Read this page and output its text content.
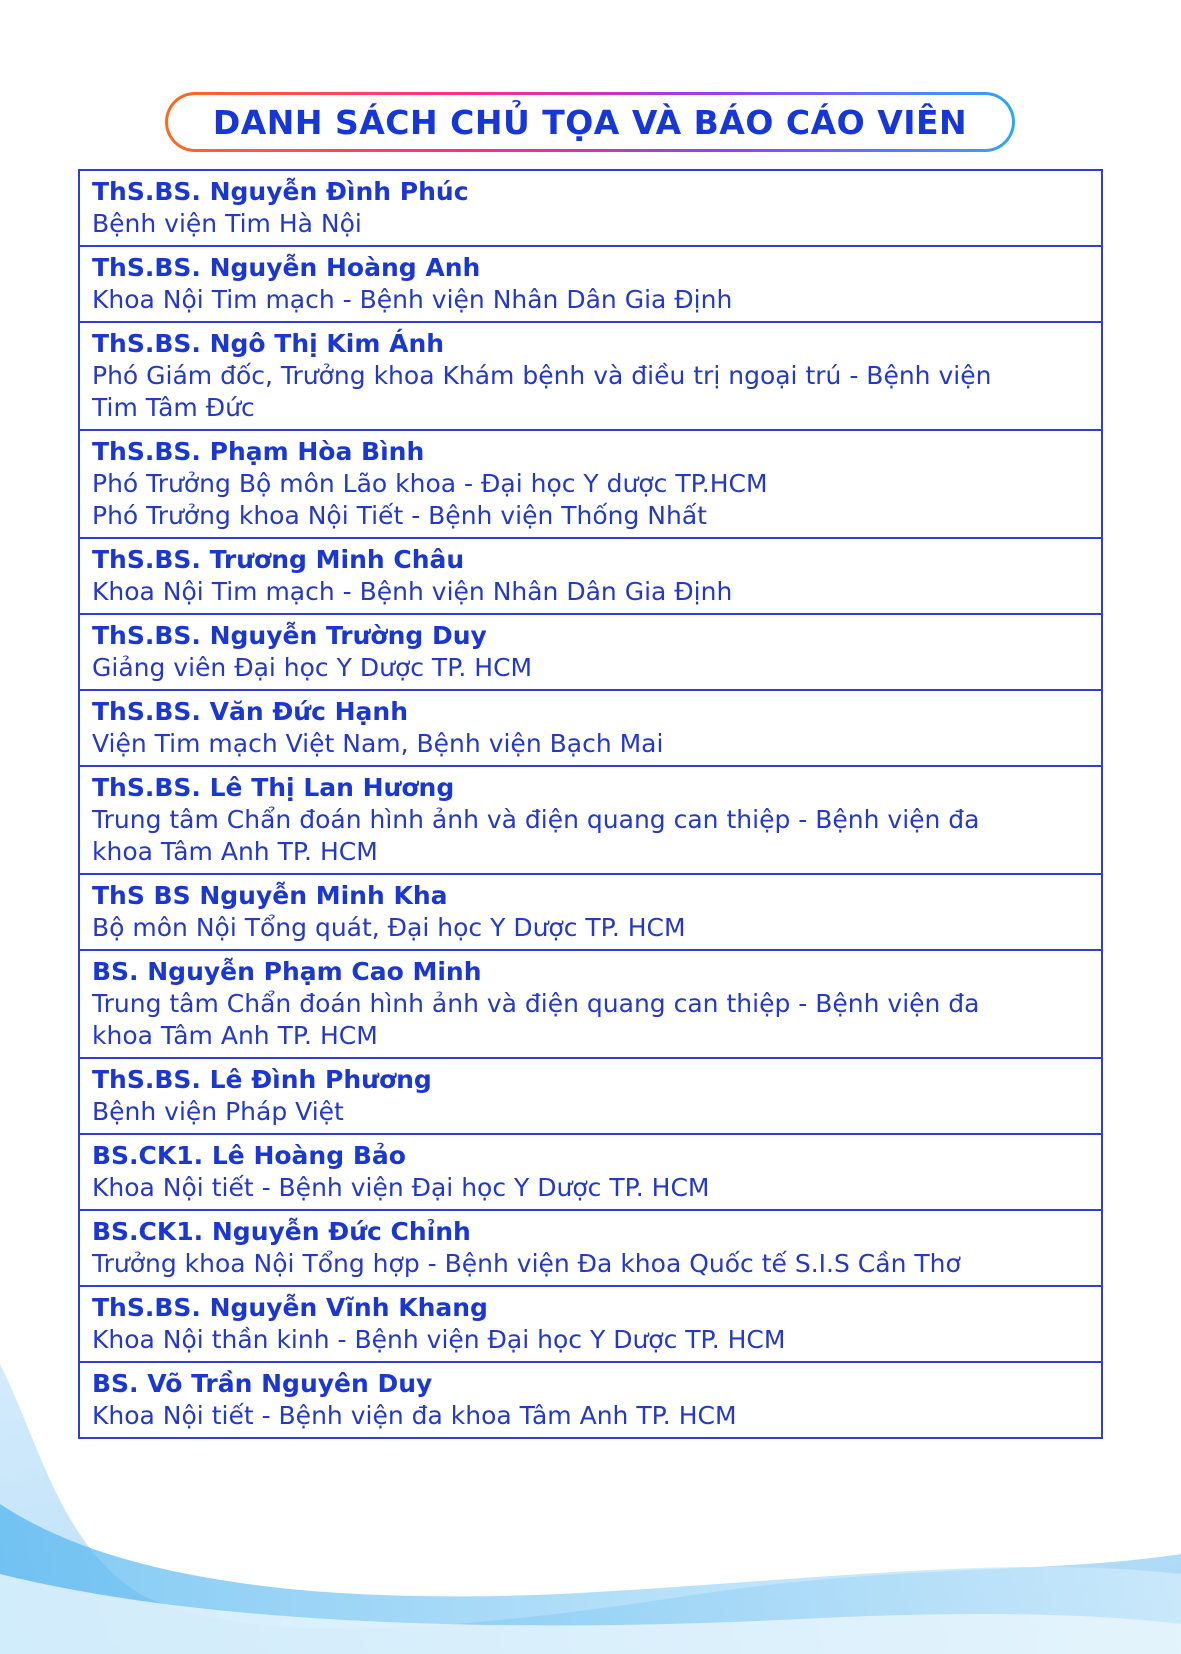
DANH SÁCH CHỦ TỌA VÀ BÁO CÁO VIÊN
ThS.BS. Nguyễn Đình Phúc
Bệnh viện Tim Hà Nội
ThS.BS. Nguyễn Hoàng Anh
Khoa Nội Tim mạch - Bệnh viện Nhân Dân Gia Định
ThS.BS. Ngô Thị Kim Ánh
Phó Giám đốc, Trưởng khoa Khám bệnh và điều trị ngoại trú - Bệnh viện
Tim Tâm Đức
ThS.BS. Phạm Hòa Bình
Phó Trưởng Bộ môn Lão khoa - Đại học Y dược TP.HCM
Phó Trưởng khoa Nội Tiết - Bệnh viện Thống Nhất
ThS.BS. Trương Minh Châu
Khoa Nội Tim mạch - Bệnh viện Nhân Dân Gia Định
ThS.BS. Nguyễn Trường Duy
Giảng viên Đại học Y Dược TP. HCM
ThS.BS. Văn Đức Hạnh
Viện Tim mạch Việt Nam, Bệnh viện Bạch Mai
ThS.BS. Lê Thị Lan Hương
Trung tâm Chẩn đoán hình ảnh và điện quang can thiệp - Bệnh viện đa
khoa Tâm Anh TP. HCM
ThS BS Nguyễn Minh Kha
Bộ môn Nội Tổng quát, Đại học Y Dược TP. HCM
BS. Nguyễn Phạm Cao Minh
Trung tâm Chẩn đoán hình ảnh và điện quang can thiệp - Bệnh viện đa
khoa Tâm Anh TP. HCM
ThS.BS. Lê Đình Phương
Bệnh viện Pháp Việt
BS.CK1. Lê Hoàng Bảo
Khoa Nội tiết - Bệnh viện Đại học Y Dược TP. HCM
BS.CK1. Nguyễn Đức Chỉnh
Trưởng khoa Nội Tổng hợp - Bệnh viện Đa khoa Quốc tế S.I.S Cần Thơ
ThS.BS. Nguyễn Vĩnh Khang
Khoa Nội thần kinh - Bệnh viện Đại học Y Dược TP. HCM
BS. Võ Trần Nguyên Duy
Khoa Nội tiết - Bệnh viện đa khoa Tâm Anh TP. HCM
